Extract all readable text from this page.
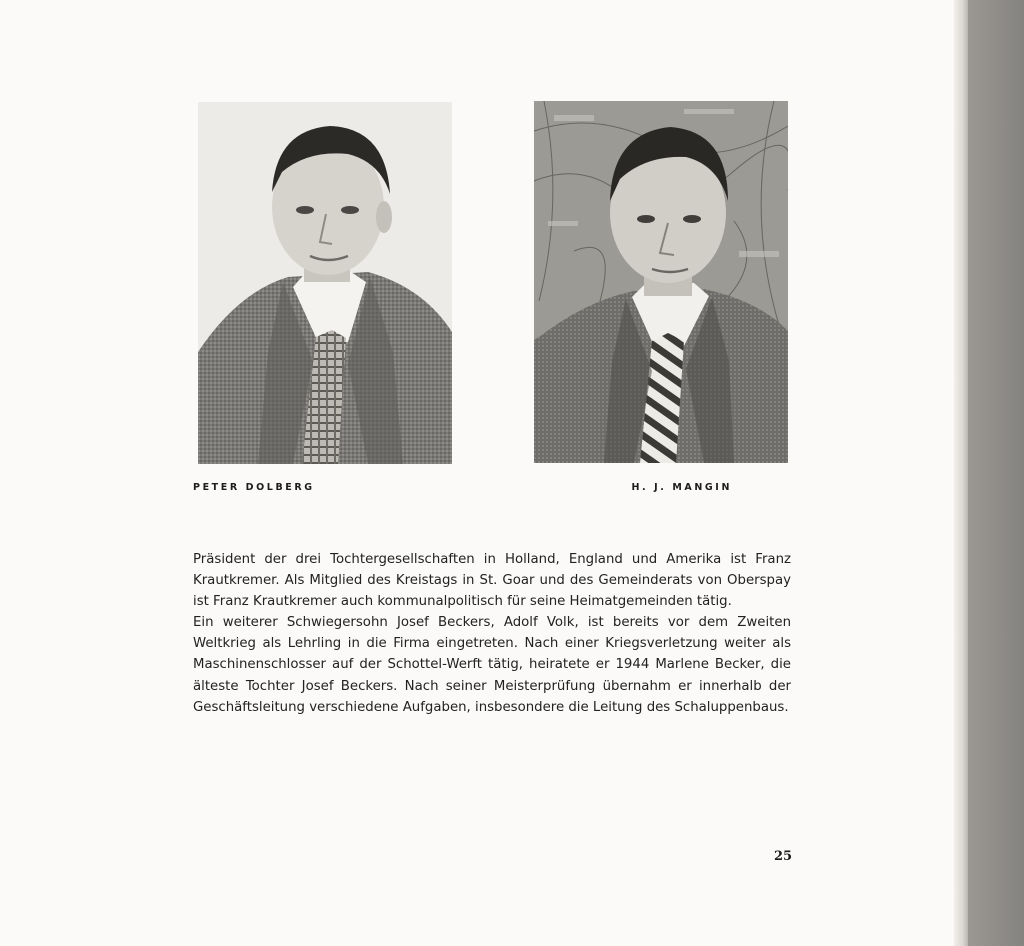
PETER DOLBERG	H. J. MANGIN

Präsident der drei Tochtergesellschaften in Holland, England und Amerika ist Franz Krautkremer. Als Mitglied des Kreistags in St. Goar und des Gemeinderats von Oberspay ist Franz Krautkremer auch kommunalpolitisch für seine Heimatgemeinden tätig.

Ein weiterer Schwiegersohn Josef Beckers, Adolf Volk, ist bereits vor dem Zweiten Weltkrieg als Lehrling in die Firma eingetreten. Nach einer Kriegsverletzung weiter als Maschinenschlosser auf der Schottel-Werft tätig, heiratete er 1944 Marlene Becker, die älteste Tochter Josef Beckers. Nach seiner Meisterprüfung übernahm er innerhalb der Geschäftsleitung verschiedene Aufgaben, insbesondere die Leitung des Schaluppenbaus.

25
